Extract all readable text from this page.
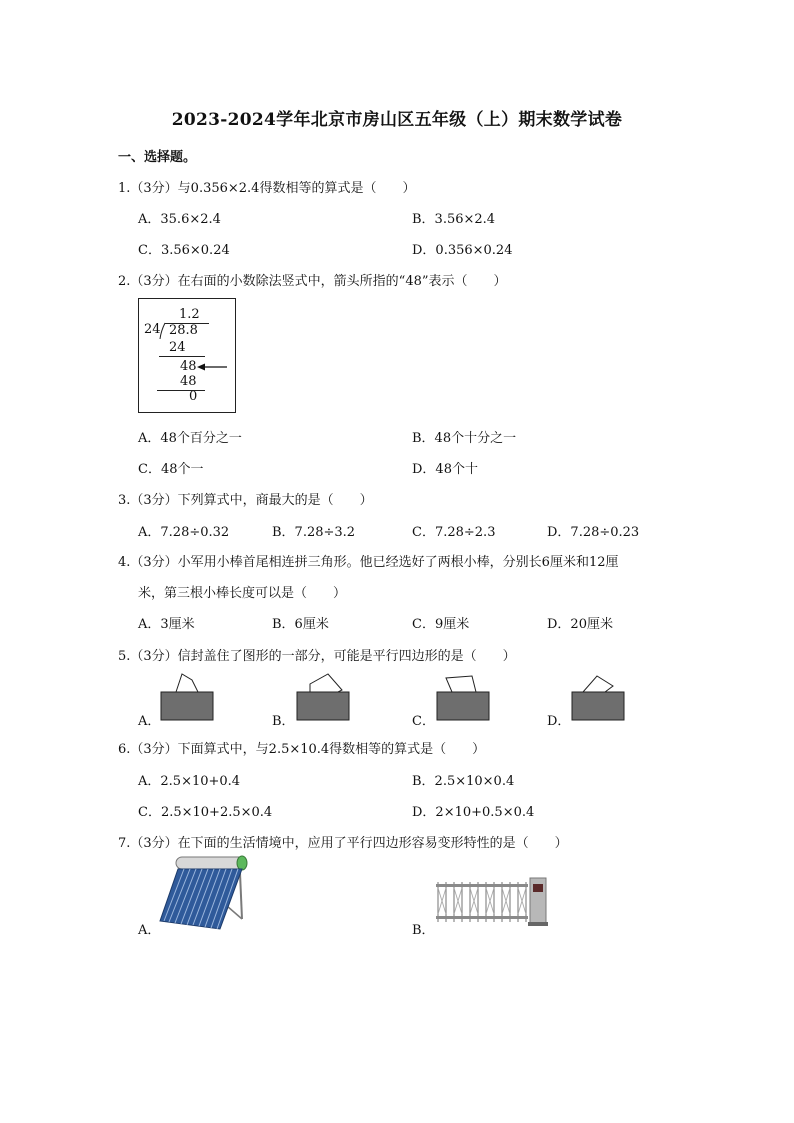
2023-2024学年北京市房山区五年级（上）期末数学试卷
一、选择题。
1.（3分）与0.356×2.4得数相等的算式是（　　）
A．35.6×2.4	B．3.56×2.4
C．3.56×0.24	D．0.356×0.24
2.（3分）在右面的小数除法竖式中，箭头所指的“48”表示（　　）
1.2
24 28.8
24
48
48
0
A．48个百分之一	B．48个十分之一
C．48个一	D．48个十
3.（3分）下列算式中，商最大的是（　　）
A．7.28÷0.32	B．7.28÷3.2	C．7.28÷2.3	D．7.28÷0.23
4.（3分）小军用小棒首尾相连拼三角形。他已经选好了两根小棒，分别长6厘米和12厘
米，第三根小棒长度可以是（　　）
A．3厘米	B．6厘米	C．9厘米	D．20厘米
5.（3分）信封盖住了图形的一部分，可能是平行四边形的是（　　）
A．	B．	C．	D．
6.（3分）下面算式中，与2.5×10.4得数相等的算式是（　　）
A．2.5×10+0.4	B．2.5×10×0.4
C．2.5×10+2.5×0.4	D．2×10+0.5×0.4
7.（3分）在下面的生活情境中，应用了平行四边形容易变形特性的是（　　）
A．	B．
